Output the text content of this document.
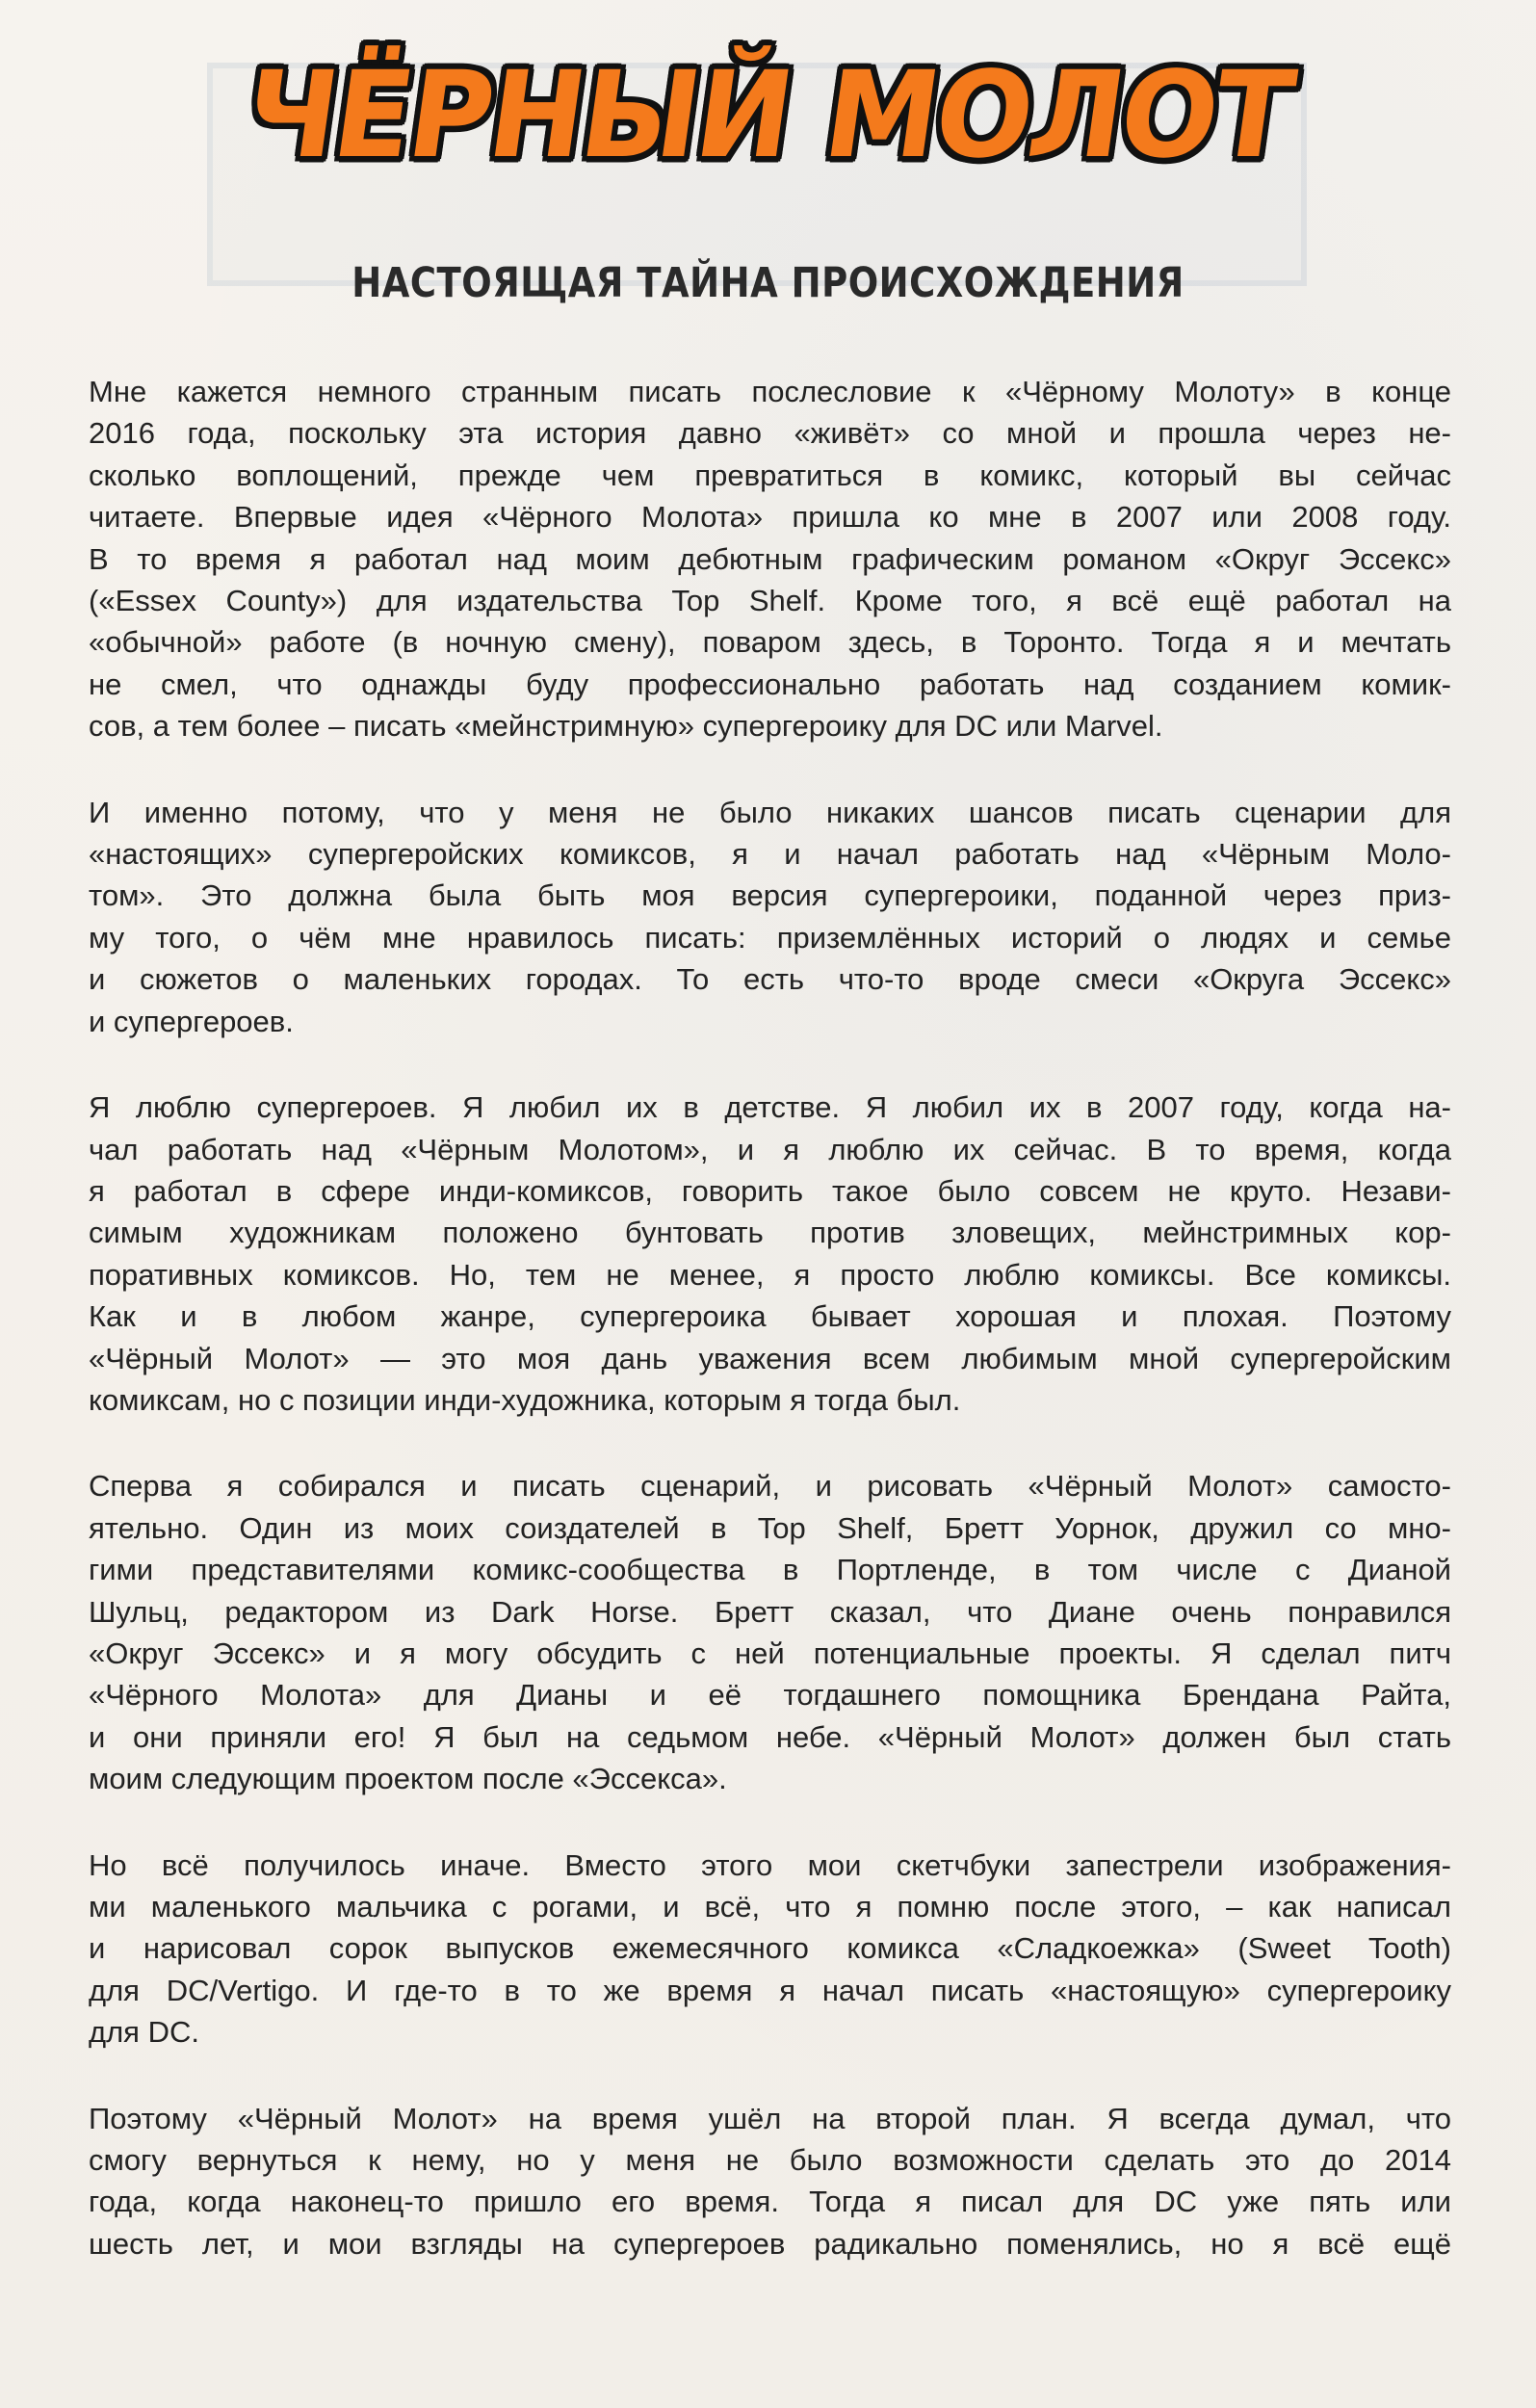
ЧЁРНЫЙ МОЛОТ
НАСТОЯЩАЯ ТАЙНА ПРОИСХОЖДЕНИЯ
Мне кажется немного странным писать послесловие к «Чёрному Молоту» в конце
2016 года, поскольку эта история давно «живёт» со мной и прошла через не-
сколько воплощений, прежде чем превратиться в комикс, который вы сейчас
читаете. Впервые идея «Чёрного Молота» пришла ко мне в 2007 или 2008 году.
В то время я работал над моим дебютным графическим романом «Округ Эссекс»
(«Essex County») для издательства Top Shelf. Кроме того, я всё ещё работал на
«обычной» работе (в ночную смену), поваром здесь, в Торонто. Тогда я и мечтать
не смел, что однажды буду профессионально работать над созданием комик-
сов, а тем более – писать «мейнстримную» супергероику для DC или Marvel.
И именно потому, что у меня не было никаких шансов писать сценарии для
«настоящих» супергеройских комиксов, я и начал работать над «Чёрным Моло-
том». Это должна была быть моя версия супергероики, поданной через приз-
му того, о чём мне нравилось писать: приземлённых историй о людях и семье
и сюжетов о маленьких городах. То есть что-то вроде смеси «Округа Эссекс»
и супергероев.
Я люблю супергероев. Я любил их в детстве. Я любил их в 2007 году, когда на-
чал работать над «Чёрным Молотом», и я люблю их сейчас. В то время, когда
я работал в сфере инди-комиксов, говорить такое было совсем не круто. Незави-
симым художникам положено бунтовать против зловещих, мейнстримных кор-
поративных комиксов. Но, тем не менее, я просто люблю комиксы. Все комиксы.
Как и в любом жанре, супергероика бывает хорошая и плохая. Поэтому
«Чёрный Молот» — это моя дань уважения всем любимым мной супергеройским
комиксам, но с позиции инди-художника, которым я тогда был.
Сперва я собирался и писать сценарий, и рисовать «Чёрный Молот» самосто-
ятельно. Один из моих соиздателей в Top Shelf, Бретт Уорнок, дружил со мно-
гими представителями комикс-сообщества в Портленде, в том числе с Дианой
Шульц, редактором из Dark Horse. Бретт сказал, что Диане очень понравился
«Округ Эссекс» и я могу обсудить с ней потенциальные проекты. Я сделал питч
«Чёрного Молота» для Дианы и её тогдашнего помощника Брендана Райта,
и они приняли его! Я был на седьмом небе. «Чёрный Молот» должен был стать
моим следующим проектом после «Эссекса».
Но всё получилось иначе. Вместо этого мои скетчбуки запестрели изображения-
ми маленького мальчика с рогами, и всё, что я помню после этого, – как написал
и нарисовал сорок выпусков ежемесячного комикса «Сладкоежка» (Sweet Tooth)
для DC/Vertigo. И где-то в то же время я начал писать «настоящую» супергероику
для DC.
Поэтому «Чёрный Молот» на время ушёл на второй план. Я всегда думал, что
смогу вернуться к нему, но у меня не было возможности сделать это до 2014
года, когда наконец-то пришло его время. Тогда я писал для DC уже пять или
шесть лет, и мои взгляды на супергероев радикально поменялись, но я всё ещё
